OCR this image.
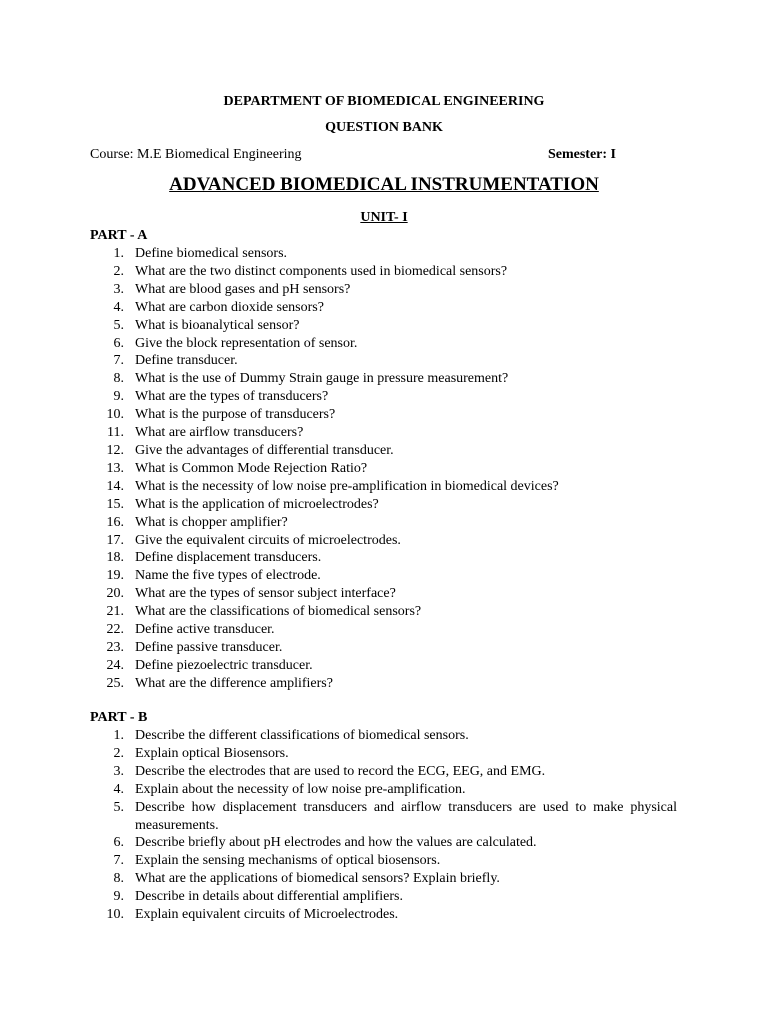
DEPARTMENT OF BIOMEDICAL ENGINEERING
QUESTION BANK
Course: M.E Biomedical Engineering	Semester: I
ADVANCED BIOMEDICAL INSTRUMENTATION
UNIT- I
PART - A
1. Define biomedical sensors.
2. What are the two distinct components used in biomedical sensors?
3. What are blood gases and pH sensors?
4. What are carbon dioxide sensors?
5. What is bioanalytical sensor?
6. Give the block representation of sensor.
7. Define transducer.
8. What is the use of Dummy Strain gauge in pressure measurement?
9. What are the types of transducers?
10. What is the purpose of transducers?
11. What are airflow transducers?
12. Give the advantages of differential transducer.
13. What is Common Mode Rejection Ratio?
14. What is the necessity of low noise pre-amplification in biomedical devices?
15. What is the application of microelectrodes?
16. What is chopper amplifier?
17. Give the equivalent circuits of microelectrodes.
18. Define displacement transducers.
19. Name the five types of electrode.
20. What are the types of sensor subject interface?
21. What are the classifications of biomedical sensors?
22. Define active transducer.
23. Define passive transducer.
24. Define piezoelectric transducer.
25. What are the difference amplifiers?
PART - B
1. Describe the different classifications of biomedical sensors.
2. Explain optical Biosensors.
3. Describe the electrodes that are used to record the ECG, EEG, and EMG.
4. Explain about the necessity of low noise pre-amplification.
5. Describe how displacement transducers and airflow transducers are used to make physical measurements.
6. Describe briefly about pH electrodes and how the values are calculated.
7. Explain the sensing mechanisms of optical biosensors.
8. What are the applications of biomedical sensors? Explain briefly.
9. Describe in details about differential amplifiers.
10. Explain equivalent circuits of Microelectrodes.
